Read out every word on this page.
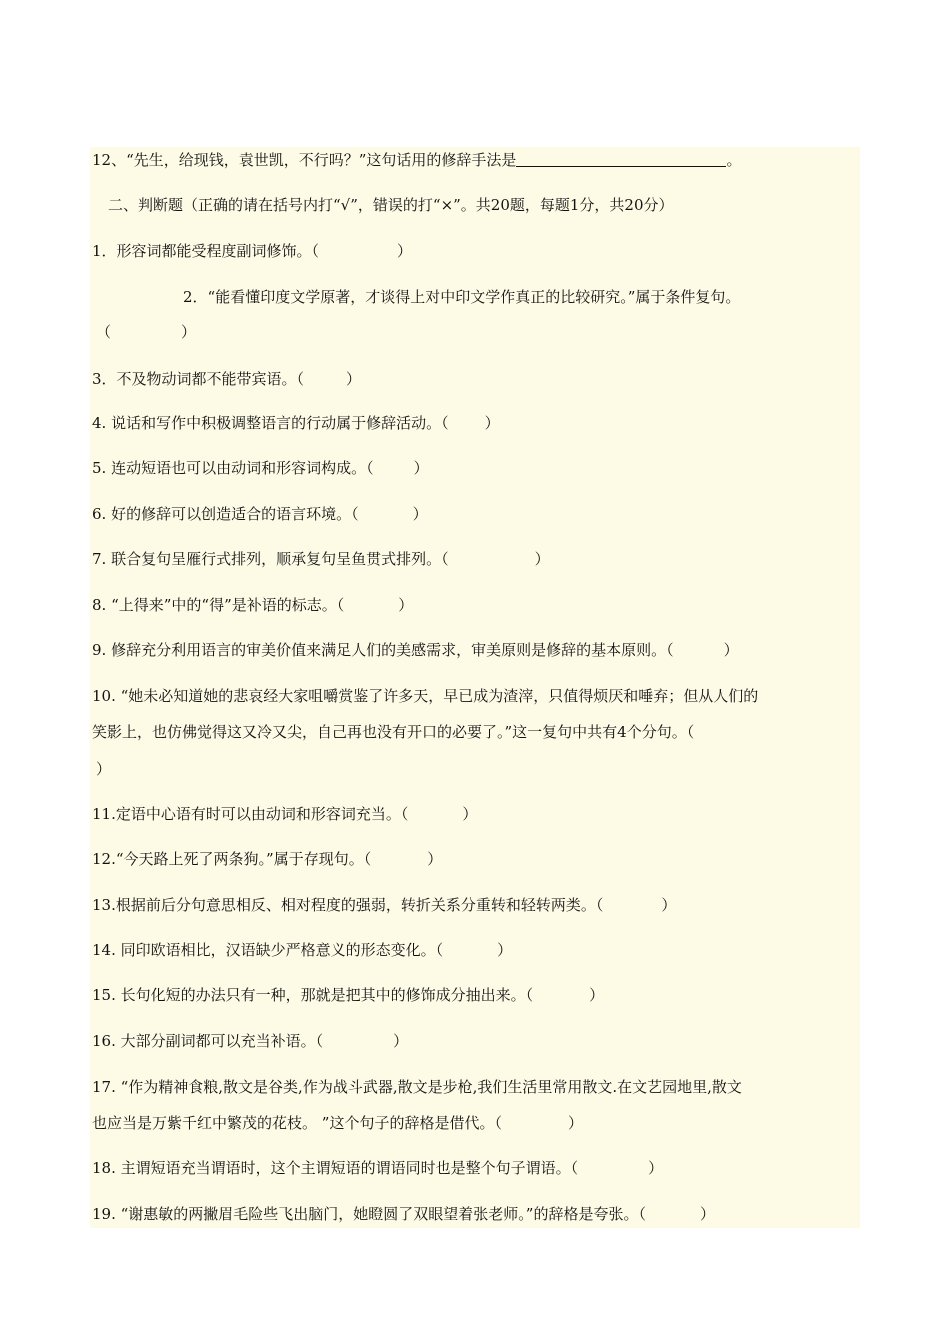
12、“先生，给现钱，袁世凯，不行吗？”这句话用的修辞手法是	。
二、判断题（正确的请在括号内打“√”，错误的打“×”。共20题，每题1分，共20分）
1．形容词都能受程度副词修饰。（	）
2．“能看懂印度文学原著，才谈得上对中印文学作真正的比较研究。”属于条件复句。
（	）
3．不及物动词都不能带宾语。（	）
4. 说话和写作中积极调整语言的行动属于修辞活动。（ ）
5. 连动短语也可以由动词和形容词构成。（	）
6. 好的修辞可以创造适合的语言环境。（	）
7. 联合复句呈雁行式排列，顺承复句呈鱼贯式排列。（	）
8. “上得来”中的“得”是补语的标志。（	）
9. 修辞充分利用语言的审美价值来满足人们的美感需求，审美原则是修辞的基本原则。（	）
10. “她未必知道她的悲哀经大家咀嚼赏鉴了许多天，早已成为渣滓，只值得烦厌和唾弃；但从人们的
笑影上，也仿佛觉得这又冷又尖，自己再也没有开口的必要了。”这一复句中共有4个分句。（
）
11.定语中心语有时可以由动词和形容词充当。（	）
12.“今天路上死了两条狗。”属于存现句。（	）
13.根据前后分句意思相反、相对程度的强弱，转折关系分重转和轻转两类。（	）
14. 同印欧语相比，汉语缺少严格意义的形态变化。（	）
15. 长句化短的办法只有一种，那就是把其中的修饰成分抽出来。（	）
16. 大部分副词都可以充当补语。（	）
17. “作为精神食粮,散文是谷类,作为战斗武器,散文是步枪,我们生活里常用散文.在文艺园地里,散文
也应当是万紫千红中繁茂的花枝。 ”这个句子的辞格是借代。（	）
18. 主谓短语充当谓语时，这个主谓短语的谓语同时也是整个句子谓语。（	）
19. “谢惠敏的两撇眉毛险些飞出脑门，她瞪圆了双眼望着张老师。”的辞格是夸张。（	）
